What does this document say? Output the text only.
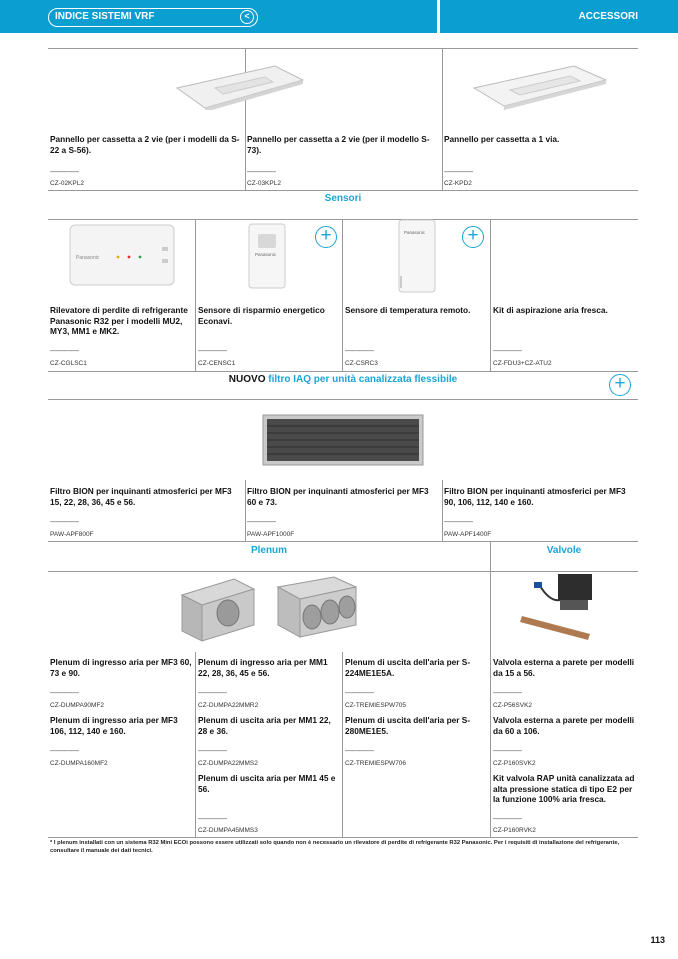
INDICE SISTEMI VRF	<	ACCESSORI
Pannello per cassetta a 2 vie (per i modelli da S-22 a S-56).
————
CZ-02KPL2
Pannello per cassetta a 2 vie (per il modello S-73).
————
CZ-03KPL2
Pannello per cassetta a 1 via.
————
CZ-KPD2
Sensori
Panasonic
Panasonic
+	Panasonic +
Rilevatore di perdite di refrigerante Panasonic R32 per i modelli MU2, MY3, MM1 e MK2.
————
CZ-CGLSC1
Sensore di risparmio energetico Econavi.
————
CZ-CENSC1
Sensore di temperatura remoto.
————
CZ-CSRC3
Kit di aspirazione aria fresca.
————
CZ-FDU3+CZ-ATU2
NUOVO filtro IAQ per unità canalizzata flessibile	+
Filtro BION per inquinanti atmosferici per MF3 15, 22, 28, 36, 45 e 56.
————
PAW-APF800F
Filtro BION per inquinanti atmosferici per MF3 60 e 73.
————
PAW-APF1000F
Filtro BION per inquinanti atmosferici per MF3 90, 106, 112, 140 e 160.
————
PAW-APF1400F
Plenum	Valvole
Plenum di ingresso aria per MF3 60, 73 e 90.
————
CZ-DUMPA90MF2
Plenum di ingresso aria per MM1 22, 28, 36, 45 e 56.
————
CZ-DUMPA22MMR2
Plenum di uscita dell'aria per S-224ME1E5A.
————
CZ-TREMIESPW705
Valvola esterna a parete per modelli da 15 a 56.
————
CZ-P56SVK2
Plenum di ingresso aria per MF3 106, 112, 140 e 160.
————
CZ-DUMPA160MF2
Plenum di uscita aria per MM1 22, 28 e 36.
————
CZ-DUMPA22MMS2
Plenum di uscita dell'aria per S-280ME1E5.
————
CZ-TREMIESPW706
Valvola esterna a parete per modelli da 60 a 106.
————
CZ-P160SVK2
Plenum di uscita aria per MM1 45 e 56.
————
CZ-DUMPA45MMS3
Kit valvola RAP unità canalizzata ad alta pressione statica di tipo E2 per la funzione 100% aria fresca.
————
CZ-P160RVK2
* I plenum installati con un sistema R32 Mini ECOi possono essere utilizzati solo quando non è necessario un rilevatore di perdite di refrigerante R32 Panasonic. Per i requisiti di installazione del refrigerante, consultare il manuale dei dati tecnici.
113
